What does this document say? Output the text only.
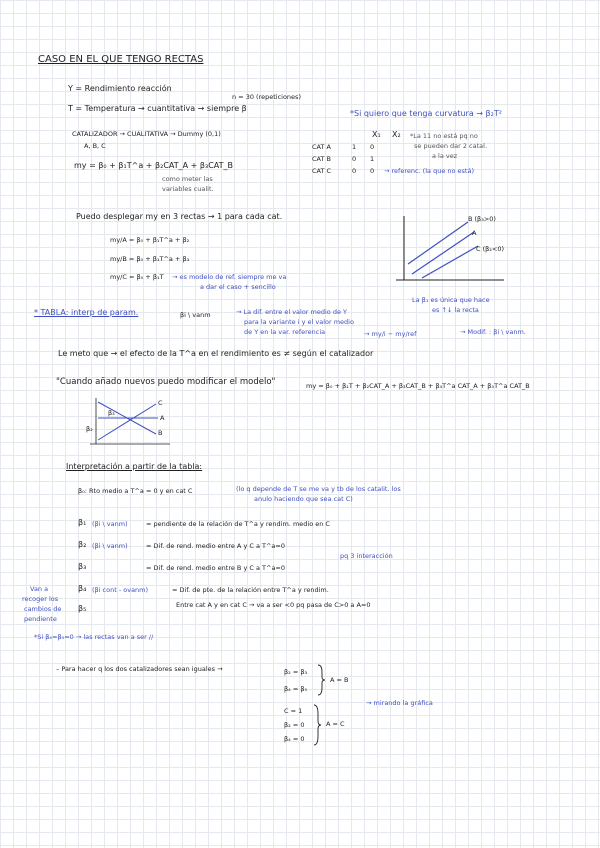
CASO EN EL QUE TENGO RECTAS
Y = Rendimiento reacción
n = 30 (repeticiones)
T = Temperatura → cuantitativa → siempre β
*Si quiero que tenga curvatura → β₂T²
CATALIZADOR → CUALITATIVA → Dummy (0,1)
A, B, C
my = β₀ + β₁T^a + β₂CAT_A + β₃CAT_B
como meter las variables cualit.
X₁ X₂
CAT A	1 0
CAT B	0 1
CAT C	0 0 → referenc. (la que no está)
*La 11 no está pq no
se pueden dar 2 catal.
a la vez
Puedo desplegar my en 3 rectas → 1 para cada cat.
my/A = β₀ + β₁T^a + β₂
my/B = β₀ + β₁T^a + β₃
my/C = β₀ + β₁T → es modelo de ref. siempre me va
a dar el caso + sencillo
B (β₃>0)
A
C (β₂<0)
La β₁ es única que hace
es ↑↓ la recta
* TABLA: interp de param.	βi \ vanm	→ La dif. entre el valor medio de Y
para la variante i y el valor medio
de Y en la var. referencia	→ my/i − my/ref	→ Modif. : βi \ vanm.
Le meto que → el efecto de la T^a en el rendimiento es ≠ según el catalizador
"Cuando añado nuevos puedo modificar el modelo"	my = β₀ + β₁T + β₂CAT_A + β₃CAT_B + β₄T^a CAT_A + β₅T^a CAT_B
C
A
B
β₃
β₂
Interpretación a partir de la tabla:
β₀: Rto medio a T^a = 0 y en cat C	(lo q depende de T se me va y tb de los catalit. los
anulo haciendo que sea cat C)
β₁ (βi \ vanm)	= pendiente de la relación de T^a y rendim. medio en C
β₂ (βi \ vanm)	= Dif. de rend. medio entre A y C a T^a=0
β₃	= Dif. de rend. medio entre B y C a T^a=0
pq 3 interacción
β₄ (βi cont - ovanm)	= Dif. de pte. de la relación entre T^a y rendim.
β₅	Entre cat A y en cat C → va a ser <0 pq pasa de C>0 a A=0
Van a
recoger los
cambios de
pendiente
*Si β₄=β₅=0 → las rectas van a ser //
– Para hacer q los dos catalizadores sean iguales →	β₂ = β₃
β₄ = β₅
A = B
→ mirando la gráfica
C = 1
β₂ = 0
β₄ = 0
A = C
